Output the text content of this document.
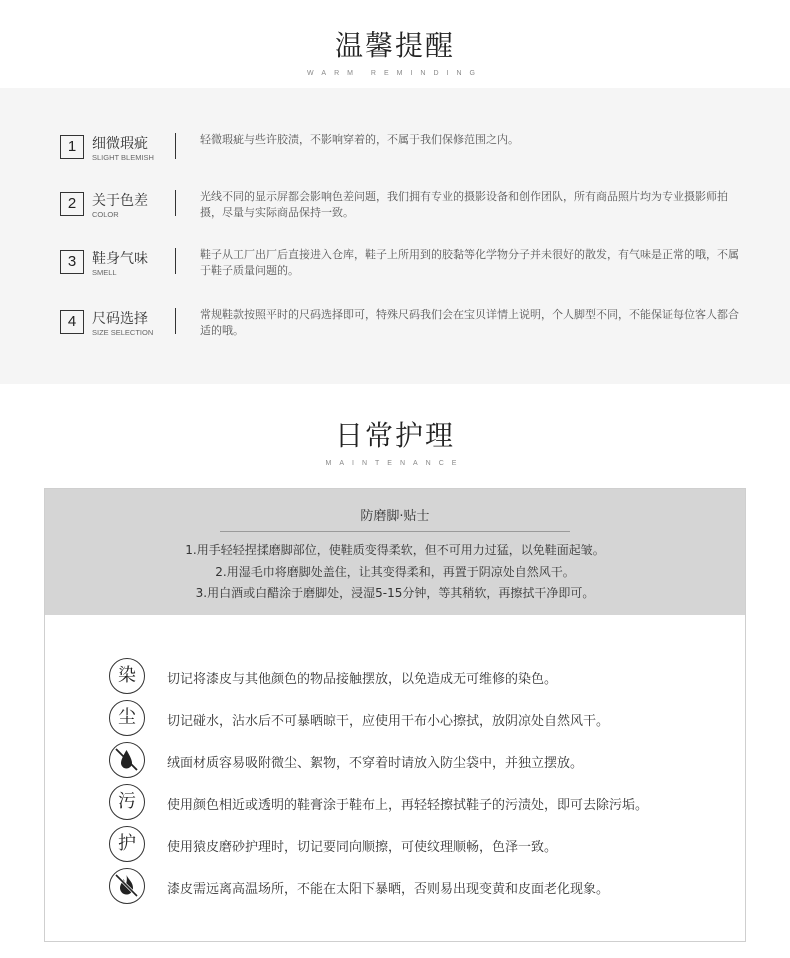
温馨提醒
WARM REMINDING
1	细微瑕疵
SLIGHT BLEMISH
轻微瑕疵与些许胶渍，不影响穿着的，不属于我们保修范围之内。
2	关于色差
COLOR
光线不同的显示屏都会影响色差问题，我们拥有专业的摄影设备和创作团队，所有商品照片均为专业摄影师拍摄，尽量与实际商品保持一致。
3	鞋身气味
SMELL
鞋子从工厂出厂后直接进入仓库，鞋子上所用到的胶黏等化学物分子并未很好的散发，有气味是正常的哦，不属于鞋子质量问题的。
4	尺码选择
SIZE SELECTION
常规鞋款按照平时的尺码选择即可，特殊尺码我们会在宝贝详情上说明，个人脚型不同，不能保证每位客人都合适的哦。
日常护理
MAINTENANCE
防磨脚·贴士
1.用手轻轻捏揉磨脚部位，使鞋质变得柔软，但不可用力过猛，以免鞋面起皱。
2.用湿毛巾将磨脚处盖住，让其变得柔和，再置于阴凉处自然风干。
3.用白酒或白醋涂于磨脚处，浸湿5-15分钟，等其稍软，再擦拭干净即可。
染	切记将漆皮与其他颜色的物品接触摆放，以免造成无可维修的染色。
尘	切记碰水，沾水后不可暴晒晾干，应使用干布小心擦拭，放阴凉处自然风干。
绒面材质容易吸附微尘、絮物，不穿着时请放入防尘袋中，并独立摆放。
污	使用颜色相近或透明的鞋膏涂于鞋布上，再轻轻擦拭鞋子的污渍处，即可去除污垢。
护	使用猿皮磨砂护理时，切记要同向顺擦，可使纹理顺畅，色泽一致。
漆皮需远离高温场所，不能在太阳下暴晒，否则易出现变黄和皮面老化现象。
